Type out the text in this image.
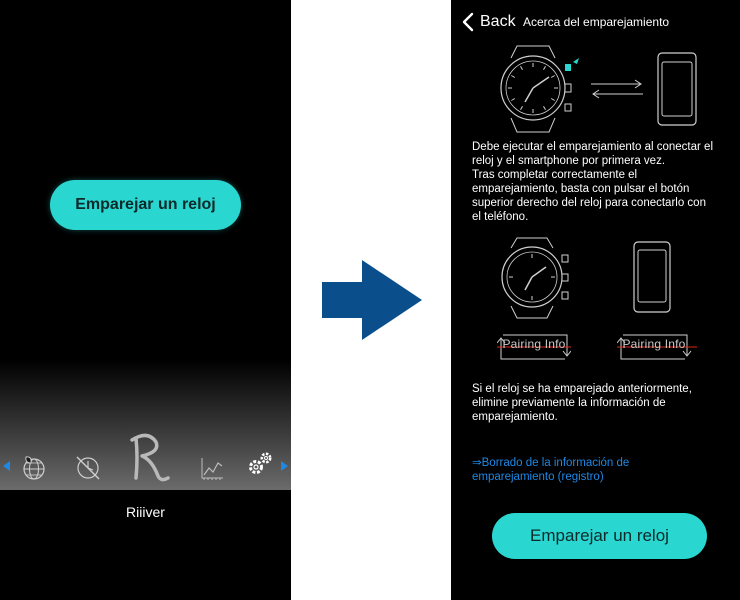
Emparejar un reloj
Riiiver
Back Acerca del emparejamiento
Debe ejecutar el emparejamiento al conectar el
reloj y el smartphone por primera vez.
Tras completar correctamente el
emparejamiento, basta con pulsar el botón
superior derecho del reloj para conectarlo con
el teléfono.
Pairing Info	Pairing Info
Si el reloj se ha emparejado anteriormente,
elimine previamente la información de
emparejamiento.
⇒Borrado de la información de
emparejamiento (registro)
Emparejar un reloj
